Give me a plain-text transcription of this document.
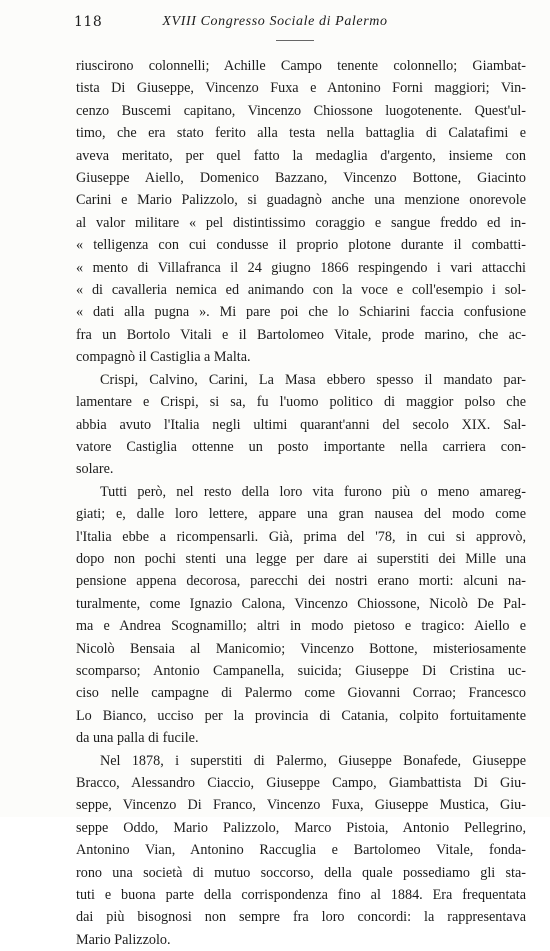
118	XVIII Congresso Sociale di Palermo
riuscirono colonnelli; Achille Campo tenente colonnello; Giambat-
tista Di Giuseppe, Vincenzo Fuxa e Antonino Forni maggiori; Vin-
cenzo Buscemi capitano, Vincenzo Chiossone luogotenente. Quest'ul-
timo, che era stato ferito alla testa nella battaglia di Calatafimi e
aveva meritato, per quel fatto la medaglia d'argento, insieme con
Giuseppe Aiello, Domenico Bazzano, Vincenzo Bottone, Giacinto
Carini e Mario Palizzolo, si guadagnò anche una menzione onorevole
al valor militare « pel distintissimo coraggio e sangue freddo ed in-
« telligenza con cui condusse il proprio plotone durante il combatti-
« mento di Villafranca il 24 giugno 1866 respingendo i vari attacchi
« di cavalleria nemica ed animando con la voce e coll'esempio i sol-
« dati alla pugna ». Mi pare poi che lo Schiarini faccia confusione
fra un Bortolo Vitali e il Bartolomeo Vitale, prode marino, che ac-
compagnò il Castiglia a Malta.
Crispi, Calvino, Carini, La Masa ebbero spesso il mandato par-
lamentare e Crispi, si sa, fu l'uomo politico di maggior polso che
abbia avuto l'Italia negli ultimi quarant'anni del secolo XIX. Sal-
vatore Castiglia ottenne un posto importante nella carriera con-
solare.
Tutti però, nel resto della loro vita furono più o meno amareg-
giati; e, dalle loro lettere, appare una gran nausea del modo come
l'Italia ebbe a ricompensarli. Già, prima del '78, in cui si approvò,
dopo non pochi stenti una legge per dare ai superstiti dei Mille una
pensione appena decorosa, parecchi dei nostri erano morti: alcuni na-
turalmente, come Ignazio Calona, Vincenzo Chiossone, Nicolò De Pal-
ma e Andrea Scognamillo; altri in modo pietoso e tragico: Aiello e
Nicolò Bensaia al Manicomio; Vincenzo Bottone, misteriosamente
scomparso; Antonio Campanella, suicida; Giuseppe Di Cristina uc-
ciso nelle campagne di Palermo come Giovanni Corrao; Francesco
Lo Bianco, ucciso per la provincia di Catania, colpito fortuitamente
da una palla di fucile.
Nel 1878, i superstiti di Palermo, Giuseppe Bonafede, Giuseppe
Bracco, Alessandro Ciaccio, Giuseppe Campo, Giambattista Di Giu-
seppe, Vincenzo Di Franco, Vincenzo Fuxa, Giuseppe Mustica, Giu-
seppe Oddo, Mario Palizzolo, Marco Pistoia, Antonio Pellegrino,
Antonino Vian, Antonino Raccuglia e Bartolomeo Vitale, fonda-
rono una società di mutuo soccorso, della quale possediamo gli sta-
tuti e buona parte della corrispondenza fino al 1884. Era frequentata
dai più bisognosi non sempre fra loro concordi: la rappresentava
Mario Palizzolo.
